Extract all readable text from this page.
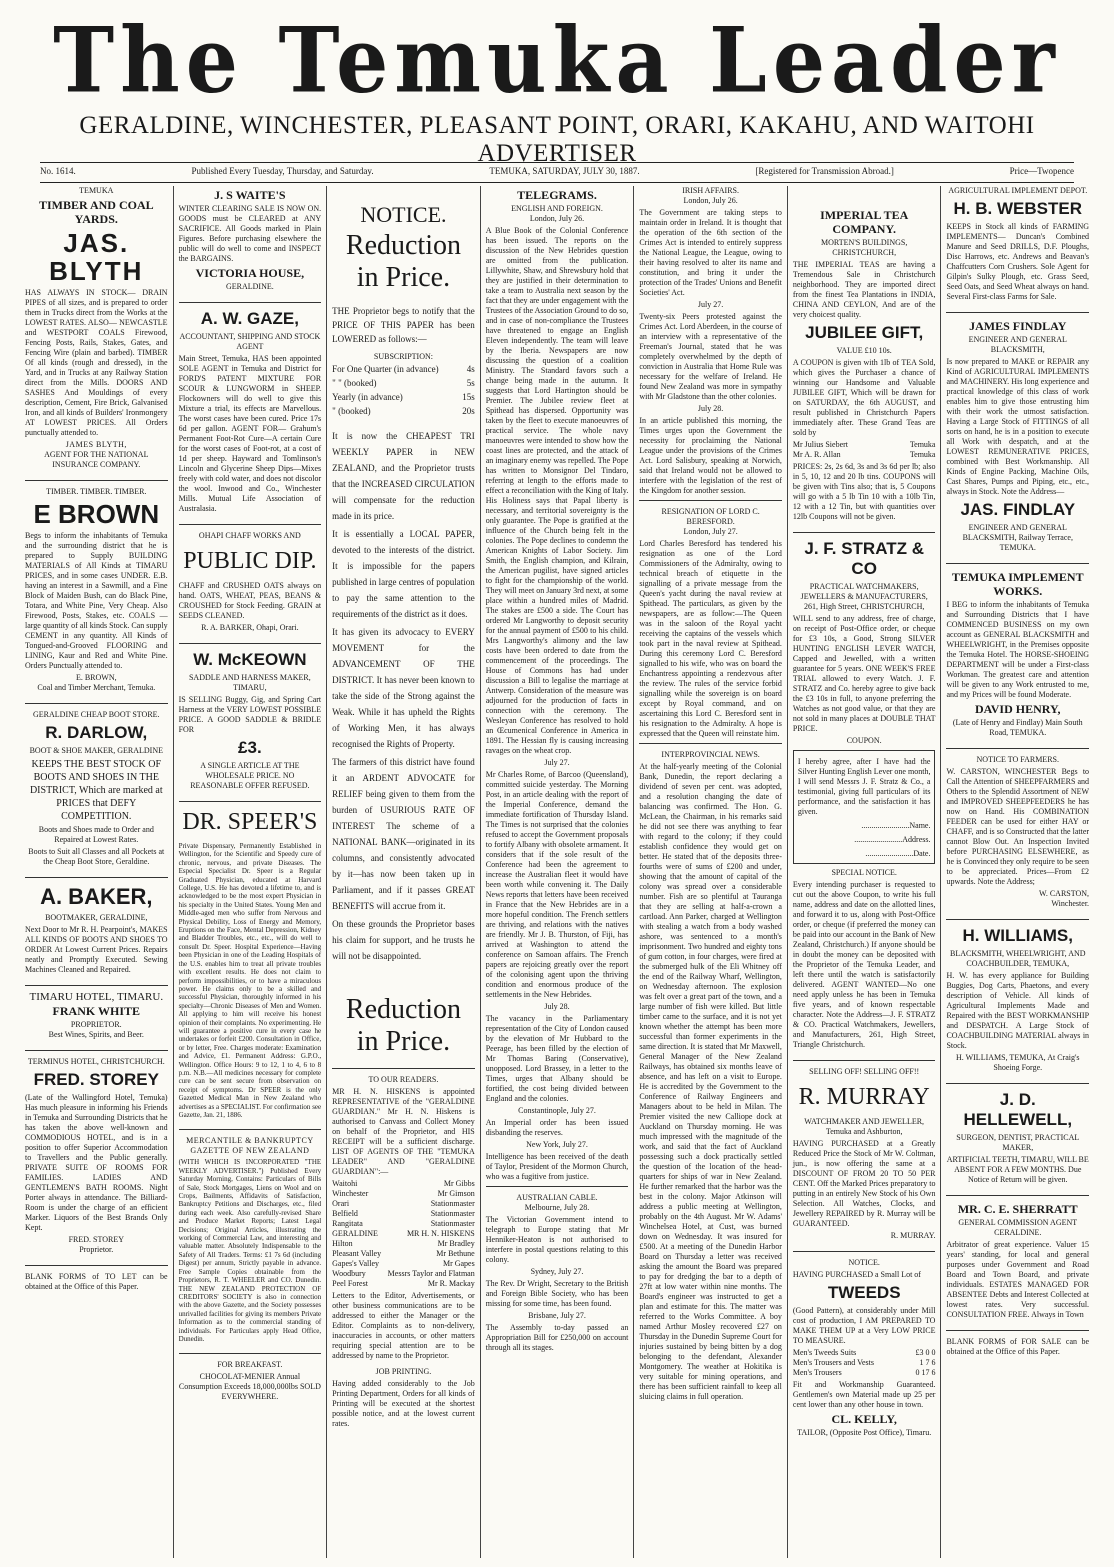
The Temuka Leader
GERALDINE, WINCHESTER, PLEASANT POINT, ORARI, KAKAHU, AND WAITOHI ADVERTISER
No. 1614.	Published Every Tuesday, Thursday, and Saturday.	TEMUKA, SATURDAY, JULY 30, 1887.	[Registered for Transmission Abroad.]	Price—Twopence
TEMUKA
TIMBER AND COAL YARDS.
JAS. BLYTH

HAS ALWAYS IN STOCK— DRAIN PIPES of all sizes, and is prepared to order them in Trucks direct from the Works at the LOWEST RATES. ALSO— NEWCASTLE and WESTPORT COALS Firewood, Fencing Posts, Rails, Stakes, Gates, and Fencing Wire (plain and barbed). TIMBER Of all kinds (rough and dressed), in the Yard, and in Trucks at any Railway Station direct from the Mills. DOORS AND SASHES And Mouldings of every description, Cement, Fire Brick, Galvanised Iron, and all kinds of Builders' Ironmongery AT LOWEST PRICES. All Orders punctually attended to.

JAMES BLYTH,
AGENT FOR THE NATIONAL INSURANCE COMPANY.
TIMBER. TIMBER. TIMBER.
E BROWN

Begs to inform the inhabitants of Temuka and the surrounding district that he is prepared to Supply BUILDING MATERIALS of All Kinds at TIMARU PRICES, and in some cases UNDER. E.B. having an interest in a Sawmill, and a Fine Block of Maiden Bush, can do Black Pine, Totara, and White Pine, Very Cheap. Also Firewood, Posts, Stakes, etc. COALS — large quantity of all kinds Stock. Can supply CEMENT in any quantity. All Kinds of Tongued-and-Grooved FLOORING and LINING, Kaur and Red and White Pine. Orders Punctually attended to.

E. BROWN,
Coal and Timber Merchant, Temuka.
GERALDINE CHEAP BOOT STORE.
R. DARLOW,
BOOT & SHOE MAKER, GERALDINE

KEEPS THE BEST STOCK OF BOOTS AND SHOES IN THE DISTRICT, Which are marked at PRICES that DEFY COMPETITION.

Boots and Shoes made to Order and Repaired at Lowest Rates.

Boots to Suit all Classes and all Pockets at the Cheap Boot Store, Geraldine.

A. BAKER,
BOOTMAKER, GERALDINE,

Next Door to Mr R. H. Pearpoint's, MAKES ALL KINDS OF BOOTS AND SHOES TO ORDER At Lowest Current Prices. Repairs neatly and Promptly Executed. Sewing Machines Cleaned and Repaired.

TIMARU HOTEL, TIMARU.
FRANK WHITE
PROPRIETOR.
Best Wines, Spirits, and Beer.
TERMINUS HOTEL, CHRISTCHURCH.
FRED. STOREY

(Late of the Wallingford Hotel, Temuka) Has much pleasure in informing his Friends in Temuka and Surrounding Districts that he has taken the above well-known and COMMODIOUS HOTEL, and is in a position to offer Superior Accommodation to Travellers and the Public generally. PRIVATE SUITE OF ROOMS FOR FAMILIES. LADIES AND GENTLEMEN'S BATH ROOMS. Night Porter always in attendance. The Billiard-Room is under the charge of an efficient Marker. Liquors of the Best Brands Only Kept.

FRED. STOREY
Proprietor.

BLANK FORMS of TO LET can be obtained at the Office of this Paper.

J. S WAITE'S

WINTER CLEARING SALE IS NOW ON. GOODS must be CLEARED at ANY SACRIFICE. All Goods marked in Plain Figures. Before purchasing elsewhere the public will do well to come and INSPECT the BARGAINS.

VICTORIA HOUSE,
GERALDINE.
A. W. GAZE,
ACCOUNTANT, SHIPPING AND STOCK AGENT

Main Street, Temuka, HAS been appointed SOLE AGENT in Temuka and District for FORD'S PATENT MIXTURE FOR SCOUR & LUNGWORM in SHEEP. Flockowners will do well to give this Mixture a trial, its effects are Marvellous. The worst cases have been cured. Price 17s 6d per gallon. AGENT FOR— Grahum's Permanent Foot-Rot Cure—A certain Cure for the worst cases of Foot-rot, at a cost of 1d per sheep. Hayward and Tomlinson's Lincoln and Glycerine Sheep Dips—Mixes freely with cold water, and does not discolor the wool. Inwood and Co., Winchester Mills. Mutual Life Association of Australasia.

OHAPI CHAFF WORKS AND
PUBLIC DIP.

CHAFF and CRUSHED OATS always on hand. OATS, WHEAT, PEAS, BEANS & CROUSHED for Stock Feeding. GRAIN at SEEDS CLEANED.

R. A. BARKER, Ohapi, Orari.
W. McKEOWN
SADDLE AND HARNESS MAKER, TIMARU,

IS SELLING Buggy, Gig, and Spring Cart Harness at the VERY LOWEST POSSIBLE PRICE. A GOOD SADDLE & BRIDLE FOR

£3.

A SINGLE ARTICLE AT THE WHOLESALE PRICE. NO REASONABLE OFFER REFUSED.

DR. SPEER'S

Private Dispensary, Permanently Established in Wellington, for the Scientific and Speedy cure of chronic, nervous, and private Diseases. The Especial Specialist Dr. Speer is a Regular Graduated Physician, educated at Harvard College, U.S. He has devoted a lifetime to, and is acknowledged to be the most expert Physician in his specialty in the United States. Young Men and Middle-aged men who suffer from Nervous and Physical Debility, Loss of Energy and Memory, Eruptions on the Face, Mental Depression, Kidney and Bladder Troubles, etc., etc., will do well to consult Dr. Speer. Hospital Experience—Having been Physician in one of the Leading Hospitals of the U.S. enables him to treat all private troubles with excellent results. He does not claim to perform impossibilities, or to have a miraculous power. He claims only to be a skilled and successful Physician, thoroughly informed in his specialty—Chronic Diseases of Men and Women. All applying to him will receive his honest opinion of their complaints. No experimenting. He will guarantee a positive cure in every case he undertakes or forfeit £200. Consultation in Office, or by letter, Free. Charges moderate: Examination and Advice, £1. Permanent Address: G.P.O., Wellington. Office Hours: 9 to 12, 1 to 4, 6 to 8 p.m. N.B.—All medicines necessary for complete cure can be sent secure from observation on receipt of symptoms. Dr SPEER is the only Gazetted Medical Man in New Zealand who advertises as a SPECIALIST. For confirmation see Gazette, Jan. 21, 1886.

MERCANTILE & BANKRUPTCY GAZETTE OF NEW ZEALAND

(WITH WHICH IS INCORPORATED "THE WEEKLY ADVERTISER.") Published Every Saturday Morning, Contains: Particulars of Bills of Sale, Stock Mortgages, Liens on Wool and on Crops, Bailments, Affidavits of Satisfaction, Bankruptcy Petitions and Discharges, etc., filed during each week. Also carefully-revised Share and Produce Market Reports; Latest Legal Decisions; Original Articles, illustrating the working of Commercial Law, and interesting and valuable matter. Absolutely Indispensable to the Safety of All Traders. Terms: £1 7s 6d (including Digest) per annum, Strictly payable in advance. Free Sample Copies obtainable from the Proprietors, R. T. WHEELER and CO. Dunedin. THE NEW ZEALAND PROTECTION OF CREDITORS' SOCIETY is also in connection with the above Gazette, and the Society possesses unrivalled facilities for giving its members Private Information as to the commercial standing of individuals. For Particulars apply Head Office, Dunedin.

FOR BREAKFAST.

CHOCOLAT-MENIER Annual Consumption Exceeds 18,000,000lbs SOLD EVERYWHERE.

NOTICE.
Reduction in Price.

THE Proprietor begs to notify that the PRICE OF THIS PAPER has been LOWERED as follows:—

SUBSCRIPTION:
For One Quarter (in advance)	4s
" " (booked)	5s
Yearly (in advance)	15s
" (booked)	20s

It is now the CHEAPEST TRI WEEKLY PAPER in NEW ZEALAND, and the Proprietor trusts that the INCREASED CIRCULATION will compensate for the reduction made in its price.

It is essentially a LOCAL PAPER, devoted to the interests of the district. It is impossible for the papers published in large centres of population to pay the same attention to the requirements of the district as it does.

It has given its advocacy to EVERY MOVEMENT for the ADVANCEMENT OF THE DISTRICT. It has never been known to take the side of the Strong against the Weak. While it has upheld the Rights of Working Men, it has always recognised the Rights of Property.

The farmers of this district have found it an ARDENT ADVOCATE for RELIEF being given to them from the burden of USURIOUS RATE OF INTEREST The scheme of a NATIONAL BANK—originated in its columns, and consistently advocated by it—has now been taken up in Parliament, and if it passes GREAT BENEFITS will accrue from it.

On these grounds the Proprietor bases his claim for support, and he trusts he will not be disappointed.

Reduction in Price.
TO OUR READERS.

MR H. N. HISKENS is appointed REPRESENTATIVE of the "GERALDINE GUARDIAN." Mr H. N. Hiskens is authorised to Canvass and Collect Money on behalf of the Proprietor, and HIS RECEIPT will be a sufficient discharge. LIST OF AGENTS OF THE "TEMUKA LEADER" AND "GERALDINE GUARDIAN":—

Waitohi	Mr Gibbs
Winchester	Mr Gimson
Orari	Stationmaster
Belfield	Stationmaster
Rangitata	Stationmaster
GERALDINE	MR H. N. HISKENS
Hilton	Mr Bradley
Pleasant Valley	Mr Bethune
Gapes's Valley	Mr Gapes
Woodbury	Messrs Taylor and Flatman
Peel Forest	Mr R. Mackay

Letters to the Editor, Advertisements, or other business communications are to be addressed to either the Manager or the Editor. Complaints as to non-delivery, inaccuracies in accounts, or other matters requiring special attention are to be addressed by name to the Proprietor.

JOB PRINTING.

Having added considerably to the Job Printing Department, Orders for all kinds of Printing will be executed at the shortest possible notice, and at the lowest current rates.

TELEGRAMS.
ENGLISH AND FOREIGN.
London, July 26.

A Blue Book of the Colonial Conference has been issued. The reports on the discussion of the New Hebrides question are omitted from the publication. Lillywhite, Shaw, and Shrewsbury hold that they are justified in their determination to take a team to Australia next season by the fact that they are under engagement with the Trustees of the Association Ground to do so, and in case of non-compliance the Trustees have threatened to engage an English Eleven independently. The team will leave by the Iberia. Newspapers are now discussing the question of a coalition Ministry. The Standard favors such a change being made in the autumn. It suggests that Lord Hartington should be Premier. The Jubilee review fleet at Spithead has dispersed. Opportunity was taken by the fleet to execute manoeuvres of practical service. The whole navy manoeuvres were intended to show how the coast lines are protected, and the attack of an imaginary enemy was repelled. The Pope has written to Monsignor Del Tindaro, referring at length to the efforts made to effect a reconciliation with the King of Italy. His Holiness says that Papal liberty is necessary, and territorial sovereignty is the only guarantee. The Pope is gratified at the influence of the Church being felt in the colonies. The Pope declines to condemn the American Knights of Labor Society. Jim Smith, the English champion, and Kilrain, the American pugilist, have signed articles to fight for the championship of the world. They will meet on January 3rd next, at some place within a hundred miles of Madrid. The stakes are £500 a side. The Court has ordered Mr Langworthy to deposit security for the annual payment of £500 to his child. Mrs Langworthy's alimony and the law costs have been ordered to date from the commencement of the proceedings. The House of Commons has had under discussion a Bill to legalise the marriage at Antwerp. Consideration of the measure was adjourned for the production of facts in connection with the ceremony. The Wesleyan Conference has resolved to hold an Œcumenical Conference in America in 1891. The Hessian fly is causing increasing ravages on the wheat crop.

July 27.

Mr Charles Rome, of Barcoo (Queensland), committed suicide yesterday. The Morning Post, in an article dealing with the report of the Imperial Conference, demand the immediate fortification of Thursday Island. The Times is not surprised that the colonies refused to accept the Government proposals to fortify Albany with obsolete armament. It considers that if the sole result of the Conference had been the agreement to increase the Australian fleet it would have been worth while convening it. The Daily News reports that letters have been received in France that the New Hebrides are in a more hopeful condition. The French settlers are thriving, and relations with the natives are friendly. Mr J. B. Thurston, of Fiji, has arrived at Washington to attend the conference on Samoan affairs. The French papers are rejoicing greatly over the report of the colonising agent upon the thriving condition and enormous produce of the settlements in the New Hebrides.

July 28.

The vacancy in the Parliamentary representation of the City of London caused by the elevation of Mr Hubbard to the Peerage, has been filled by the election of Mr Thomas Baring (Conservative), unopposed. Lord Brassey, in a letter to the Times, urges that Albany should be fortified, the cost being divided between England and the colonies.

Constantinople, July 27.

An Imperial order has been issued disbanding the reserves.

New York, July 27.

Intelligence has been received of the death of Taylor, President of the Mormon Church, who was a fugitive from justice.

AUSTRALIAN CABLE.
Melbourne, July 28.

The Victorian Government intend to telegraph to Europe stating that Mr Henniker-Heaton is not authorised to interfere in postal questions relating to this colony.

Sydney, July 27.

The Rev. Dr Wright, Secretary to the British and Foreign Bible Society, who has been missing for some time, has been found.

Brisbane, July 27.

The Assembly to-day passed an Appropriation Bill for £250,000 on account through all its stages.

IRISH AFFAIRS.
London, July 26.

The Government are taking steps to maintain order in Ireland. It is thought that the operation of the 6th section of the Crimes Act is intended to entirely suppress the National League, the League, owing to their having resolved to alter its name and constitution, and bring it under the protection of the Trades' Unions and Benefit Societies' Act.

July 27.

Twenty-six Peers protested against the Crimes Act. Lord Aberdeen, in the course of an interview with a representative of the Freeman's Journal, stated that he was completely overwhelmed by the depth of conviction in Australia that Home Rule was necessary for the welfare of Ireland. He found New Zealand was more in sympathy with Mr Gladstone than the other colonies.

July 28.

In an article published this morning, the Times urges upon the Government the necessity for proclaiming the National League under the provisions of the Crimes Act. Lord Salisbury, speaking at Norwich, said that Ireland would not be allowed to interfere with the legislation of the rest of the Kingdom for another session.

RESIGNATION OF LORD C. BERESFORD.
London, July 27.

Lord Charles Beresford has tendered his resignation as one of the Lord Commissioners of the Admiralty, owing to technical breach of etiquette in the signalling of a private message from the Queen's yacht during the naval review at Spithead. The particulars, as given by the newspapers, are as follow:—The Queen was in the saloon of the Royal yacht receiving the captains of the vessels which took part in the naval review at Spithead. During this ceremony Lord C. Beresford signalled to his wife, who was on board the Enchantress appointing a rendezvous after the review. The rules of the service forbid signalling while the sovereign is on board except by Royal command, and on ascertaining this Lord C. Beresford sent in his resignation to the Admiralty. A hope is expressed that the Queen will reinstate him.

INTERPROVINCIAL NEWS.

At the half-yearly meeting of the Colonial Bank, Dunedin, the report declaring a dividend of seven per cent. was adopted, and a resolution changing the date of balancing was confirmed. The Hon. G. McLean, the Chairman, in his remarks said he did not see there was anything to fear with regard to the colony; if they could establish confidence they would get on better. He stated that of the deposits three-fourths were of sums of £200 and under, showing that the amount of capital of the colony was spread over a considerable number. Fish are so plentiful at Tauranga that they are selling at half-a-crown a cartload. Ann Parker, charged at Wellington with stealing a watch from a body washed ashore, was sentenced to a month's imprisonment. Two hundred and eighty tons of gum cotton, in four charges, were fired at the submerged hulk of the Eli Whitney off the end of the Railway Wharf, Wellington, on Wednesday afternoon. The explosion was felt over a great part of the town, and a large number of fish were killed. But little timber came to the surface, and it is not yet known whether the attempt has been more successful than former experiments in the same direction. It is stated that Mr Maxwell, General Manager of the New Zealand Railways, has obtained six months leave of absence, and has left on a visit to Europe. He is accredited by the Government to the Conference of Railway Engineers and Managers about to be held in Milan. The Premier visited the new Calliope dock at Auckland on Thursday morning. He was much impressed with the magnitude of the work, and said that the fact of Auckland possessing such a dock practically settled the question of the location of the head-quarters for ships of war in New Zealand. He further remarked that the harbor was the best in the colony. Major Atkinson will address a public meeting at Wellington, probably on the 4th August. Mr W. Adams' Winchelsea Hotel, at Cust, was burned down on Wednesday. It was insured for £500. At a meeting of the Dunedin Harbor Board on Thursday a letter was received asking the amount the Board was prepared to pay for dredging the bar to a depth of 27ft at low water within nine months. The Board's engineer was instructed to get a plan and estimate for this. The matter was referred to the Works Committee. A boy named Arthur Mosley recovered £27 on Thursday in the Dunedin Supreme Court for injuries sustained by being bitten by a dog belonging to the defendant, Alexander Montgomery. The weather at Hokitika is very suitable for mining operations, and there has been sufficient rainfall to keep all sluicing claims in full operation.

IMPERIAL TEA COMPANY.
MORTEN'S BUILDINGS, CHRISTCHURCH,

THE IMPERIAL TEAS are having a Tremendous Sale in Christchurch neighborhood. They are imported direct from the finest Tea Plantations in INDIA, CHINA AND CEYLON, And are of the very choicest quality.

JUBILEE GIFT,
VALUE £10 10s.

A COUPON is given with 1lb of TEA Sold, which gives the Purchaser a chance of winning our Handsome and Valuable JUBILEE GIFT, Which will be drawn for on SATURDAY, the 6th AUGUST, and result published in Christchurch Papers immediately after. These Grand Teas are sold by

Mr Julius Siebert	Temuka
Mr A. R. Allan	Temuka

PRICES: 2s, 2s 6d, 3s and 3s 6d per lb; also in 5, 10, 12 and 20 lb tins. COUPONS will be given with Tins also; that is, 5 Coupons will go with a 5 lb Tin 10 with a 10lb Tin, 12 with a 12 Tin, but with quantities over 12lb Coupons will not be given.

J. F. STRATZ & CO
PRACTICAL WATCHMAKERS, JEWELLERS & MANUFACTURERS, 261, High Street, CHRISTCHURCH,

WILL send to any address, free of charge, on receipt of Post-Office order, or cheque for £3 10s, a Good, Strong SILVER HUNTING ENGLISH LEVER WATCH, Capped and Jewelled, with a written guarantee for 5 years. ONE WEEK'S FREE TRIAL allowed to every Watch. J. F. STRATZ and Co. hereby agree to give back the £3 10s in full, to anyone preferring the Watches as not good value, or that they are not sold in many places at DOUBLE THAT PRICE.

COUPON.

I hereby agree, after I have had the Silver Hunting English Lever one month, I will send Messrs J. F. Stratz & Co., a testimonial, giving full particulars of its performance, and the satisfaction it has given.

........................Name.
........................Address.
........................Date.
SPECIAL NOTICE.

Every intending purchaser is requested to cut out the above Coupon, to write his full name, address and date on the allotted lines, and forward it to us, along with Post-Office order, or cheque (if preferred the money can be paid into our account in the Bank of New Zealand, Christchurch.) If anyone should be in doubt the money can be deposited with the Proprietor of the Temuka Leader, and left there until the watch is satisfactorily delivered. AGENT WANTED—No one need apply unless he has been in Temuka five years, and of known respectable character. Note the Address—J. F. STRATZ & CO. Practical Watchmakers, Jewellers, and Manufacturers, 261, High Street, Triangle Christchurch.

SELLING OFF! SELLING OFF!!
R. MURRAY
WATCHMAKER AND JEWELLER,
Temuka and Ashburton,

HAVING PURCHASED at a Greatly Reduced Price the Stock of Mr W. Coltman, jun., is now offering the same at a DISCOUNT OF FROM 20 TO 50 PER CENT. Off the Marked Prices preparatory to putting in an entirely New Stock of his Own Selection. All Watches, Clocks, and Jewellery REPAIRED by R. Murray will be GUARANTEED.

R. MURRAY.
NOTICE.

HAVING PURCHASED a Small Lot of

TWEEDS

(Good Pattern), at considerably under Mill cost of production, I AM PREPARED TO MAKE THEM UP at a Very LOW PRICE TO MEASURE.

Men's Tweeds Suits	£3 0 0
Men's Trousers and Vests	1 7 6
Men's Trousers	0 17 6

Fit and Workmanship Guaranteed. Gentlemen's own Material made up 25 per cent lower than any other house in town.

CL. KELLY,
TAILOR, (Opposite Post Office), Timaru.
AGRICULTURAL IMPLEMENT DEPOT.
H. B. WEBSTER

KEEPS in Stock all kinds of FARMING IMPLEMENTS— Duncan's Combined Manure and Seed DRILLS, D.F. Ploughs, Disc Harrows, etc. Andrews and Beavan's Chaffcutters Corn Crushers. Sole Agent for Gilpin's Sulky Plough, etc. Grass Seed, Seed Oats, and Seed Wheat always on hand. Several First-class Farms for Sale.

JAMES FINDLAY
ENGINEER AND GENERAL BLACKSMITH,

Is now prepared to MAKE or REPAIR any Kind of AGRICULTURAL IMPLEMENTS and MACHINERY. His long experience and practical knowledge of this class of work enables him to give those entrusting him with their work the utmost satisfaction. Having a Large Stock of FITTINGS of all sorts on hand, he is in a position to execute all Work with despatch, and at the LOWEST REMUNERATIVE PRICES, combined with Best Workmanship. All Kinds of Engine Packing, Machine Oils, Cast Shares, Pumps and Piping, etc., etc., always in Stock. Note the Address—

JAS. FINDLAY
ENGINEER AND GENERAL BLACKSMITH, Railway Terrace, TEMUKA.
TEMUKA IMPLEMENT WORKS.

I BEG to inform the inhabitants of Temuka and Surrounding Districts that I have COMMENCED BUSINESS on my own account as GENERAL BLACKSMITH and WHEELWRIGHT, in the Premises opposite the Temuka Hotel. The HORSE-SHOEING DEPARTMENT will be under a First-class Workman. The greatest care and attention will be given to any Work entrusted to me, and my Prices will be found Moderate.

DAVID HENRY,
(Late of Henry and Findlay) Main South Road, TEMUKA.
NOTICE TO FARMERS.

W. CARSTON, WINCHESTER Begs to Call the Attention of SHEEPFARMERS and Others to the Splendid Assortment of NEW and IMPROVED SHEEPFEEDERS he has now on Hand. His COMBINATION FEEDER can be used for either HAY or CHAFF, and is so Constructed that the latter cannot Blow Out. An Inspection Invited before PURCHASING ELSEWHERE, as he is Convinced they only require to be seen to be appreciated. Prices—From £2 upwards. Note the Address;

W. CARSTON,
Winchester.
H. WILLIAMS,
BLACKSMITH, WHEELWRIGHT, AND COACHBUILDER, TEMUKA,

H. W. has every appliance for Building Buggies, Dog Carts, Phaetons, and every description of Vehicle. All kinds of Agricultural Implements Made and Repaired with the BEST WORKMANSHIP and DESPATCH. A Large Stock of COACHBUILDING MATERIAL always in Stock.

H. WILLIAMS, TEMUKA, At Craig's Shoeing Forge.
J. D. HELLEWELL,
SURGEON, DENTIST, PRACTICAL MAKER,

ARTIFICIAL TEETH, TIMARU, WILL BE ABSENT FOR A FEW MONTHS. Due Notice of Return will be given.

MR. C. E. SHERRATT
GENERAL COMMISSION AGENT CERALDINE.

Arbitrator of great experience. Valuer 15 years' standing, for local and general purposes under Government and Road Board and Town Board, and private individuals. ESTATES MANAGED FOR ABSENTEE Debts and Interest Collected at lowest rates. Very successful. CONSULTATION FREE. Always in Town

BLANK FORMS of FOR SALE can be obtained at the Office of this Paper.
